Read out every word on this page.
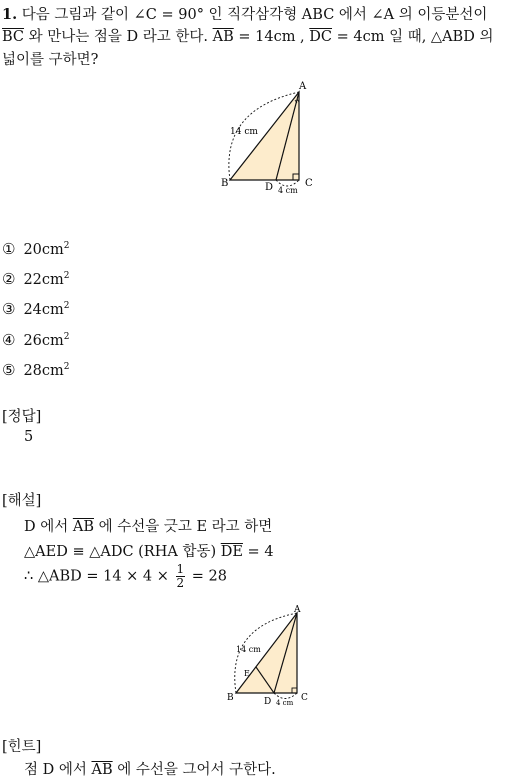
1. 다음 그림과 같이 ∠C = 90° 인 직각삼각형 ABC 에서 ∠A 의 이등분선이
$\overline{BC}$ 와 만나는 점을 D 라고 한다. $\overline{AB} = 14cm$ , $\overline{DC} = 4cm$ 일 때, △ABD 의
넓이를 구하면?
A
B	C
D
14 cm
4 cm
① $20cm^2$
② $22cm^2$
③ $24cm^2$
④ $26cm^2$
⑤ $28cm^2$
[정답]
5
[해설]
D 에서 $\overline{AB}$ 에 수선을 긋고 E 라고 하면
△AED ≡ △ADC (RHA 합동) $\overline{DE} = 4$
∴ △ABD = $14 \times 4 \times \frac{1}{2} = 28$
A
B	C
D
E
14 cm
4 cm
[힌트]
점 D 에서 $\overline{AB}$ 에 수선을 그어서 구한다.
